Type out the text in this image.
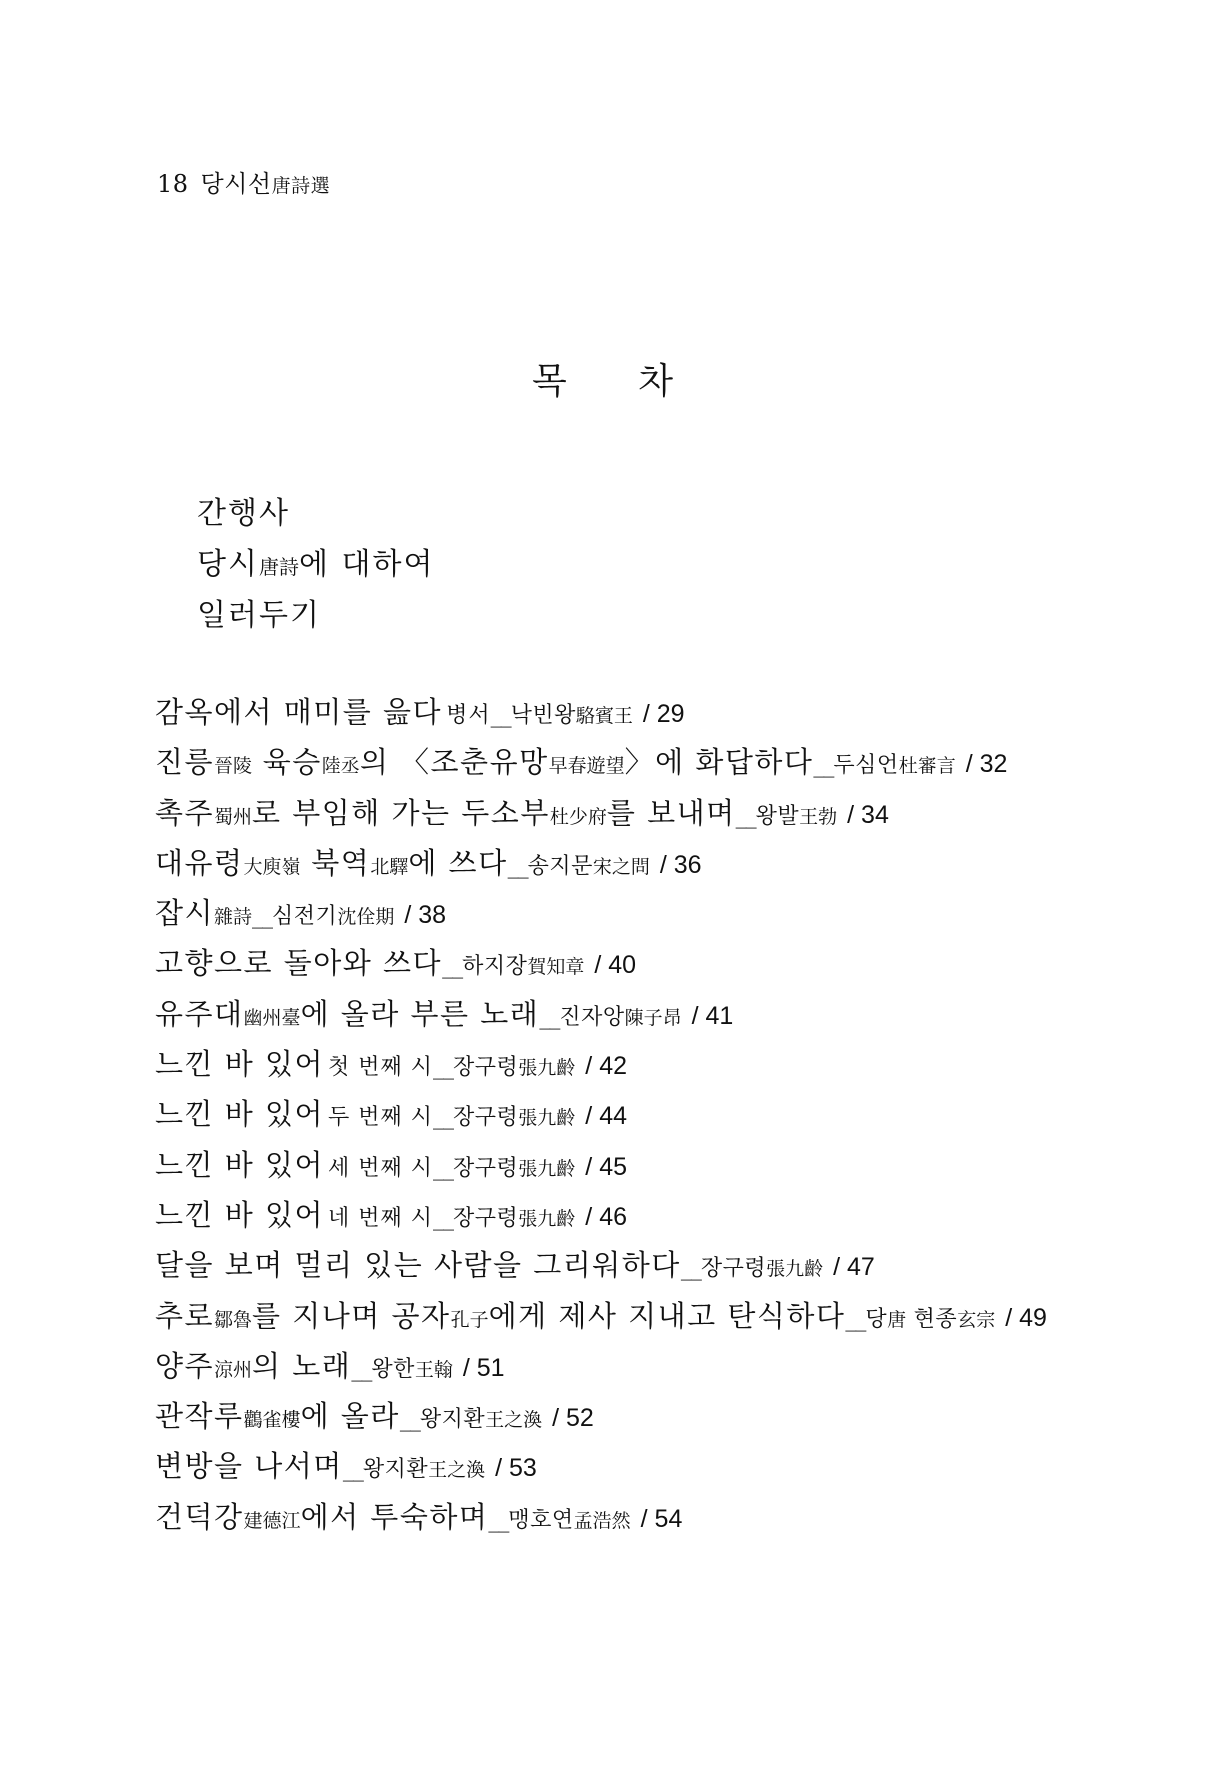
18 당시선唐詩選
목 차
간행사
당시唐詩에 대하여
일러두기
감옥에서 매미를 읊다 병서__낙빈왕駱賓王 / 29
진릉晉陵 육승陸丞의 〈조춘유망早春遊望〉에 화답하다__두심언杜審言 / 32
촉주蜀州로 부임해 가는 두소부杜少府를 보내며__왕발王勃 / 34
대유령大庾嶺 북역北驛에 쓰다__송지문宋之問 / 36
잡시雜詩__심전기沈佺期 / 38
고향으로 돌아와 쓰다__하지장賀知章 / 40
유주대幽州臺에 올라 부른 노래__진자앙陳子昂 / 41
느낀 바 있어 첫 번째 시__장구령張九齡 / 42
느낀 바 있어 두 번째 시__장구령張九齡 / 44
느낀 바 있어 세 번째 시__장구령張九齡 / 45
느낀 바 있어 네 번째 시__장구령張九齡 / 46
달을 보며 멀리 있는 사람을 그리워하다__장구령張九齡 / 47
추로鄒魯를 지나며 공자孔子에게 제사 지내고 탄식하다__당唐 현종玄宗 / 49
양주涼州의 노래__왕한王翰 / 51
관작루鸛雀樓에 올라__왕지환王之渙 / 52
변방을 나서며__왕지환王之渙 / 53
건덕강建德江에서 투숙하며__맹호연孟浩然 / 54
